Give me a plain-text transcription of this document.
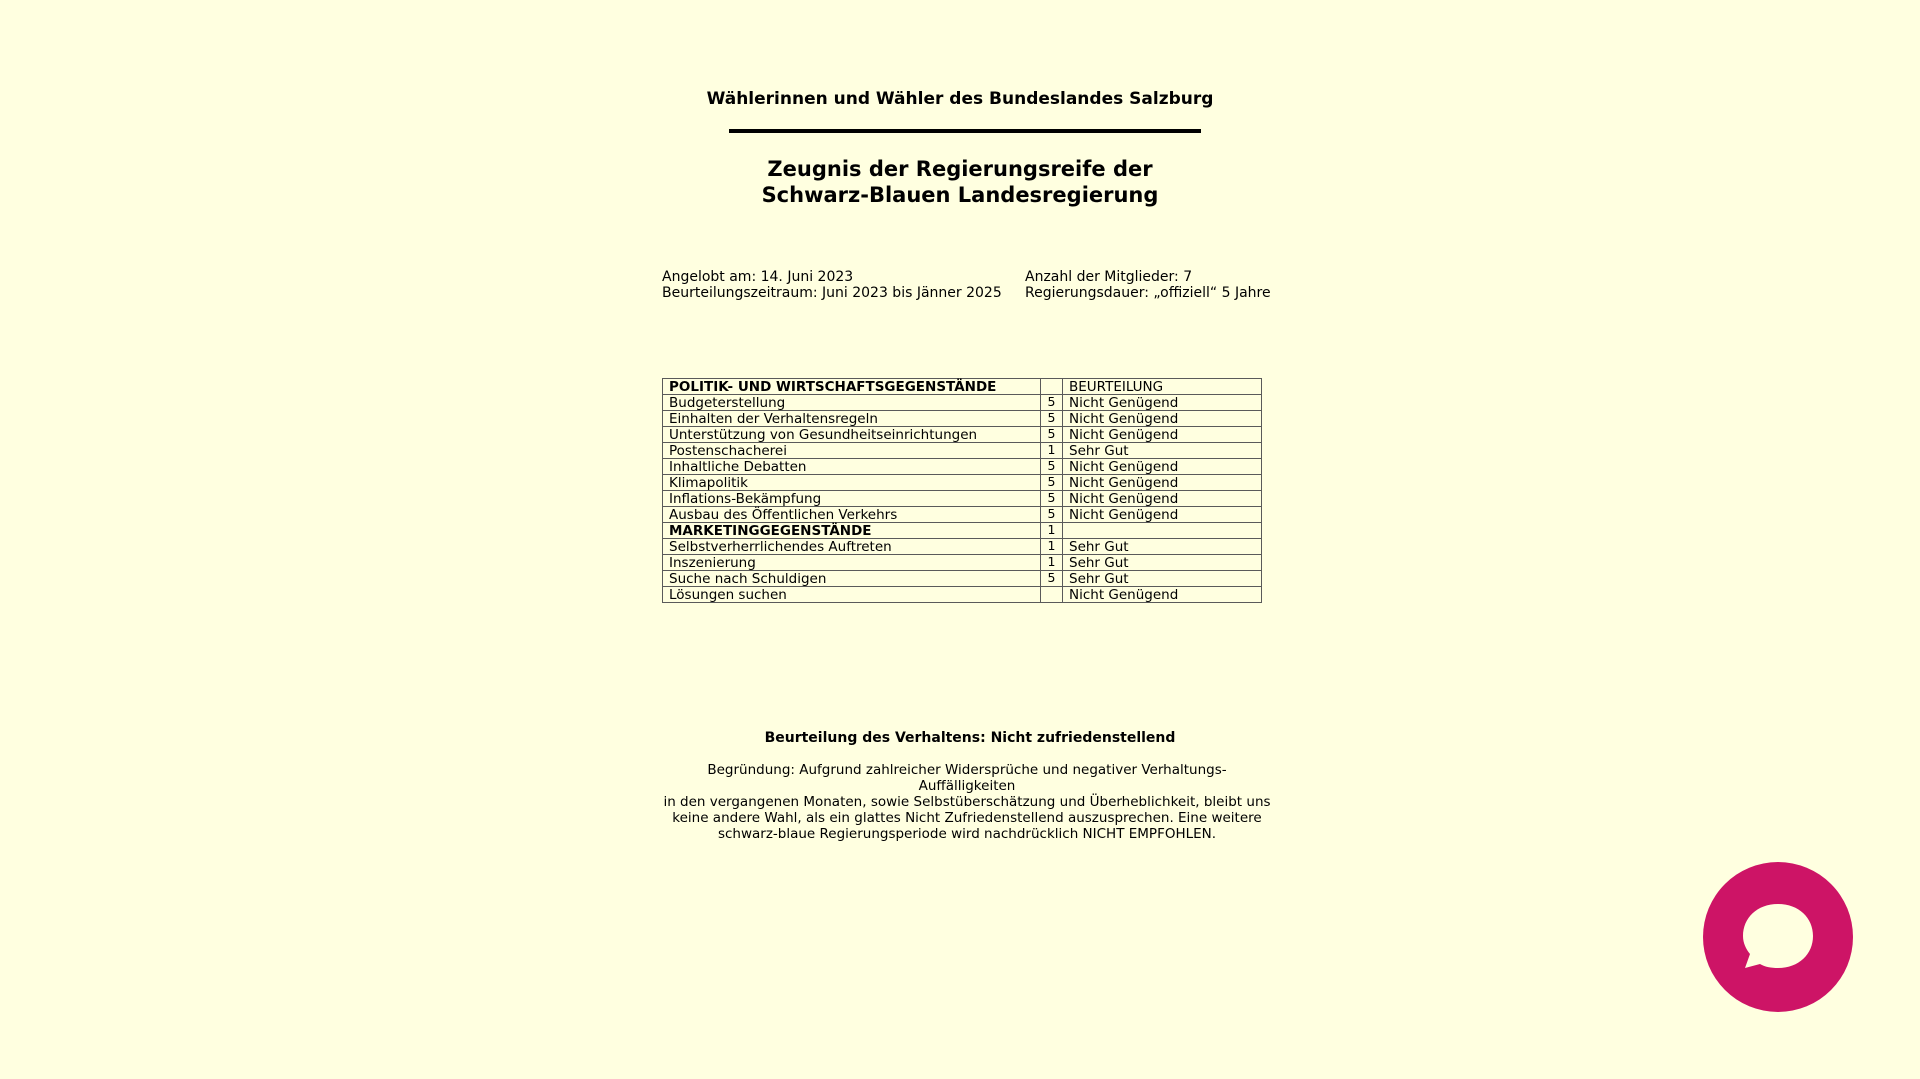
Wählerinnen und Wähler des Bundeslandes Salzburg
Zeugnis der Regierungsreife der
Schwarz-Blauen Landesregierung
Angelobt am: 14. Juni 2023
Beurteilungszeitraum: Juni 2023 bis Jänner 2025
Anzahl der Mitglieder: 7
Regierungsdauer: „offiziell“ 5 Jahre
POLITIK- UND WIRTSCHAFTSGEGENSTÄNDE		BEURTEILUNG
Budgeterstellung	5	Nicht Genügend
Einhalten der Verhaltensregeln	5	Nicht Genügend
Unterstützung von Gesundheitseinrichtungen	5	Nicht Genügend
Postenschacherei	1	Sehr Gut
Inhaltliche Debatten	5	Nicht Genügend
Klimapolitik	5	Nicht Genügend
Inflations-Bekämpfung	5	Nicht Genügend
Ausbau des Öffentlichen Verkehrs	5	Nicht Genügend
MARKETINGGEGENSTÄNDE	1	
Selbstverherrlichendes Auftreten	1	Sehr Gut
Inszenierung	1	Sehr Gut
Suche nach Schuldigen	5	Sehr Gut
Lösungen suchen		Nicht Genügend
Beurteilung des Verhaltens: Nicht zufriedenstellend
Begründung: Aufgrund zahlreicher Widersprüche und negativer Verhaltungs-Auffälligkeiten
in den vergangenen Monaten, sowie Selbstüberschätzung und Überheblichkeit, bleibt uns
keine andere Wahl, als ein glattes Nicht Zufriedenstellend auszusprechen. Eine weitere
schwarz-blaue Regierungsperiode wird nachdrücklich NICHT EMPFOHLEN.
